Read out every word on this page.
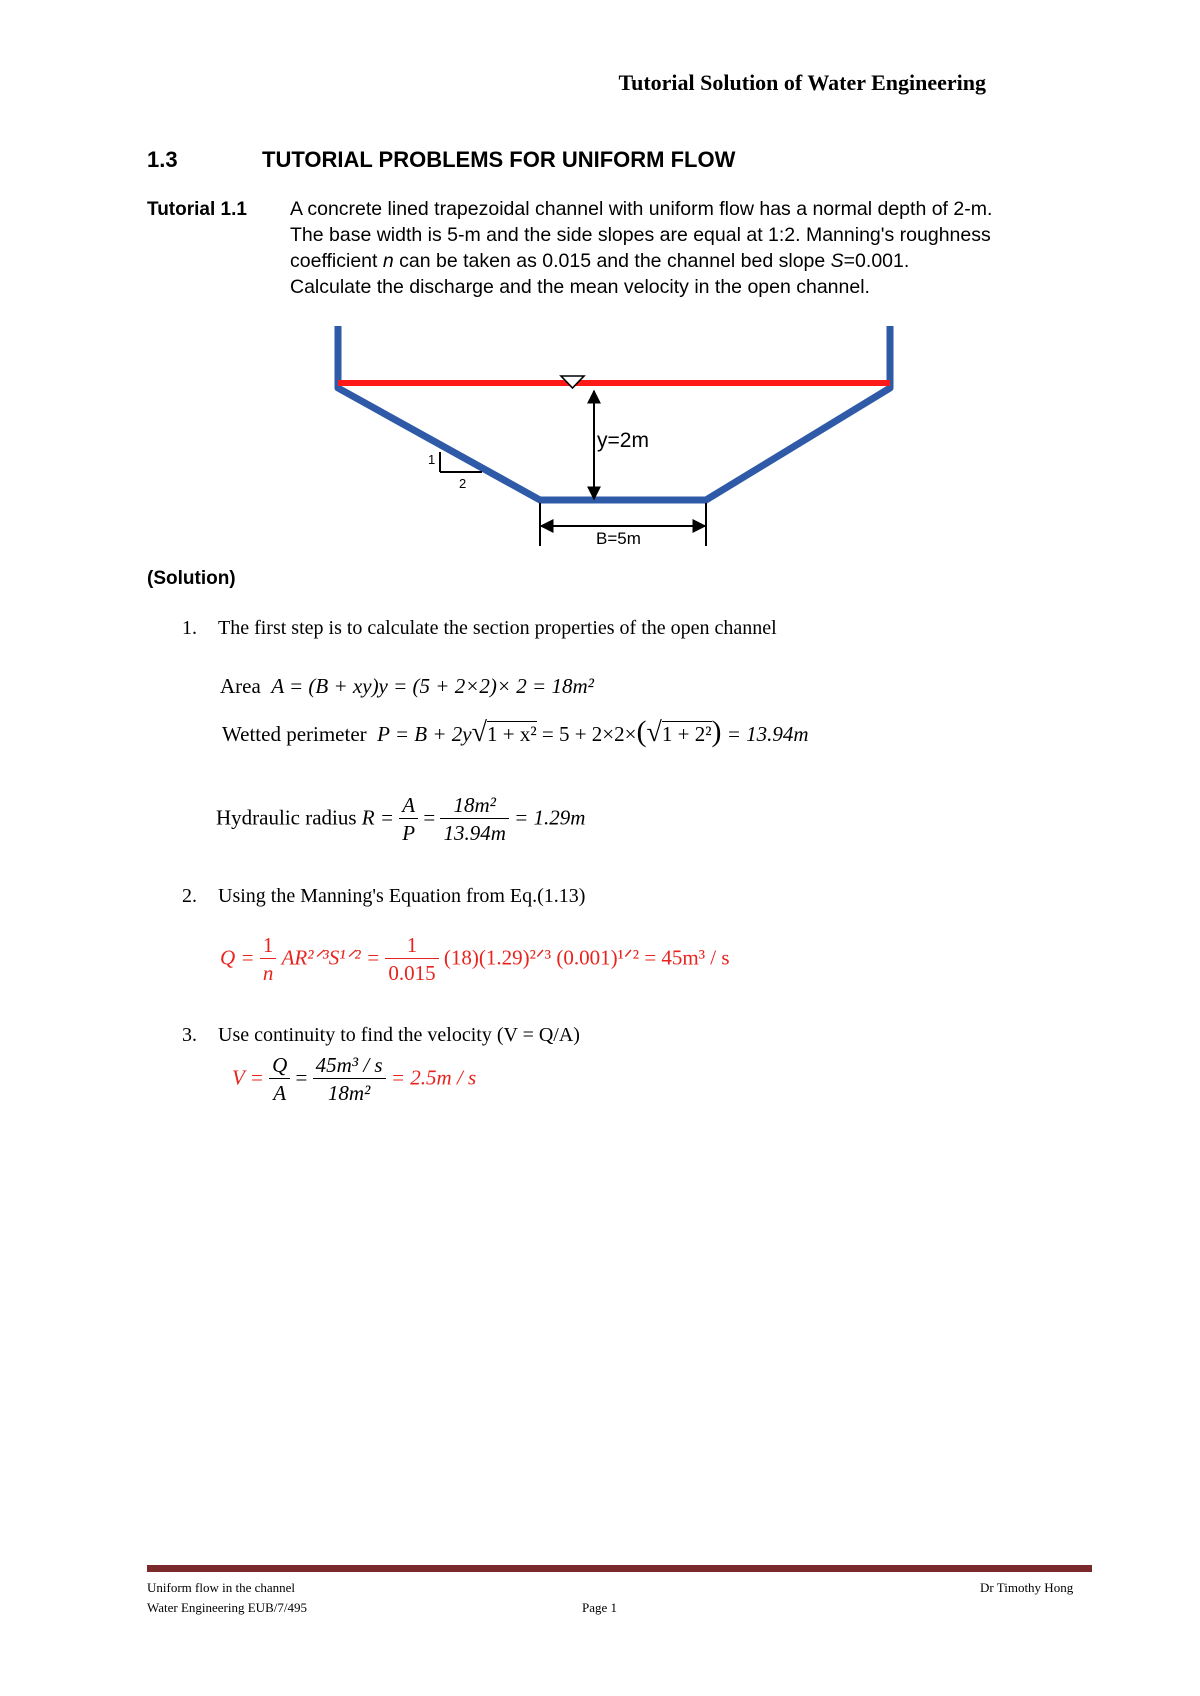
Tutorial Solution of Water Engineering
1.3	TUTORIAL PROBLEMS FOR UNIFORM FLOW
Tutorial 1.1 A concrete lined trapezoidal channel with uniform flow has a normal depth of 2-m.
The base width is 5-m and the side slopes are equal at 1:2. Manning's roughness
coefficient n can be taken as 0.015 and the channel bed slope S=0.001.
Calculate the discharge and the mean velocity in the open channel.
y=2m
1
2
B=5m
(Solution)
1. The first step is to calculate the section properties of the open channel
Area A = (B + xy)y = (5 + 2×2)× 2 = 18m²
Wetted perimeter P = B + 2y√1 + x² = 5 + 2×2×(√1 + 2²) = 13.94m
Hydraulic radius $R = \frac{A}{P} = \frac{\text{18m²}}{13.94m} = 1.29m$
2. Using the Manning's Equation from Eq.(1.13)
$Q = \frac{1}{n}$ AR²ᐟ³S¹ᐟ² = $\frac{1}{0.015}$ (18)(1.29)²ᐟ³ (0.001)¹ᐟ² = 45m³ / s
3. Use continuity to find the velocity (V = Q/A)
$V = \frac{Q}{A} = \frac{\text{45m³ / s}}{\text{18m²}} = 2.5m / s$
Uniform flow in the channel
Water Engineering EUB/7/495
Dr Timothy Hong
Page 1
